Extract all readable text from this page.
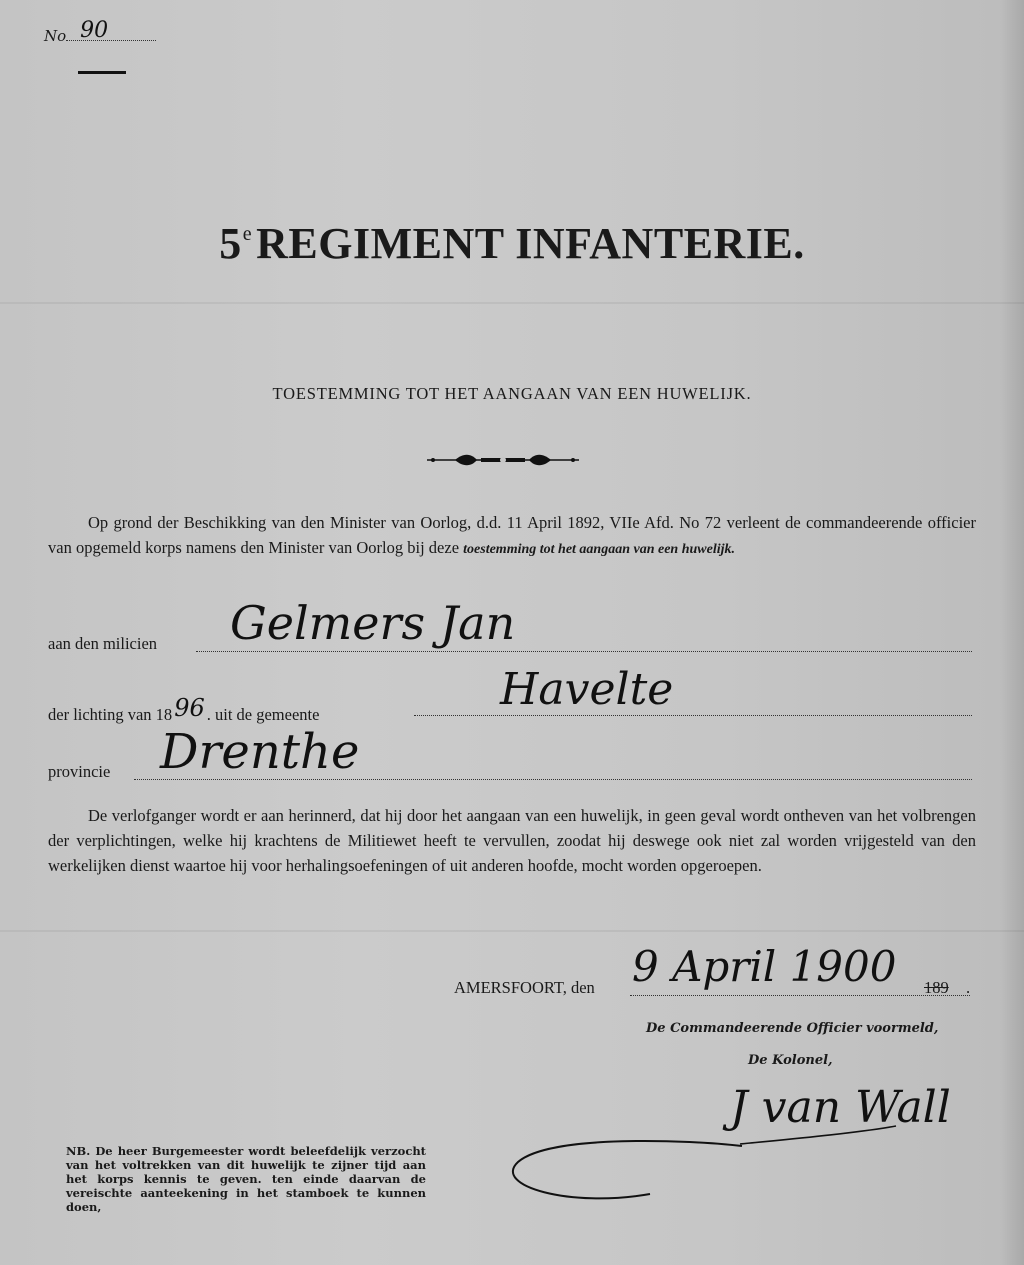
No 90
5eREGIMENT INFANTERIE.
TOESTEMMING TOT HET AANGAAN VAN EEN HUWELIJK.
Op grond der Beschikking van den Minister van Oorlog, d.d. 11 April 1892, VIIe Afd. No 72 verleent de commandeerende officier van opgemeld korps namens den Minister van Oorlog bij deze toestemming tot het aangaan van een huwelijk.
aan den milicien Gelmers Jan
der lichting van 1896 . uit de gemeente	Havelte
provincie Drenthe
De verlofganger wordt er aan herinnerd, dat hij door het aangaan van een huwelijk, in geen geval wordt ontheven van het volbrengen der verplichtingen, welke hij krachtens de Militiewet heeft te vervullen, zoodat hij deswege ook niet zal worden vrijgesteld van den werkelijken dienst waartoe hij voor herhalingsoefeningen of uit anderen hoofde, mocht worden opgeroepen.
AMERSFOORT, den 9 April 1900 189 .
De Commandeerende Officier voormeld,
De Kolonel,
J van Wall
NB. De heer Burgemeester wordt beleefdelijk verzocht van het voltrekken van dit huwelijk te zijner tijd aan het korps kennis te geven. ten einde daarvan de vereischte aanteekening in het stamboek te kunnen doen,
